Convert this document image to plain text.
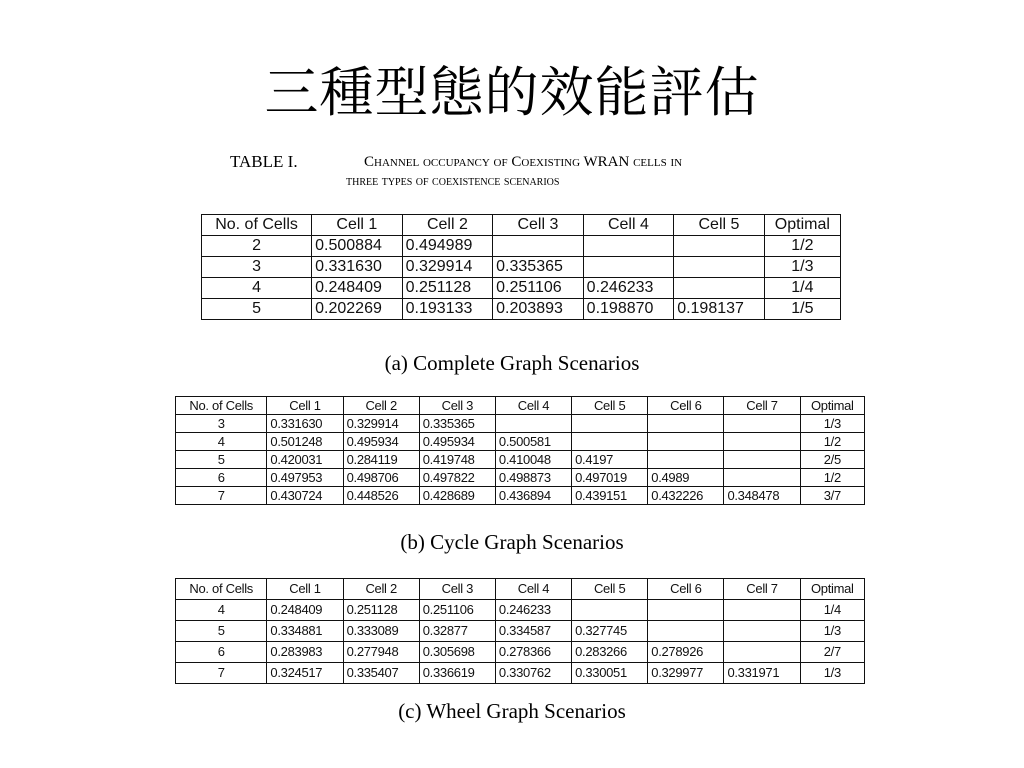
三種型態的效能評估
TABLE I.	Channel occupancy of Coexisting WRAN cells in
three types of coexistence scenarios
No. of Cells	Cell 1	Cell 2	Cell 3	Cell 4	Cell 5	Optimal
2	0.500884	0.494989				1/2
3	0.331630	0.329914	0.335365			1/3
4	0.248409	0.251128	0.251106	0.246233		1/4
5	0.202269	0.193133	0.203893	0.198870	0.198137	1/5
(a) Complete Graph Scenarios
No. of Cells	Cell 1	Cell 2	Cell 3	Cell 4	Cell 5	Cell 6	Cell 7	Optimal
3	0.331630	0.329914	0.335365					1/3
4	0.501248	0.495934	0.495934	0.500581				1/2
5	0.420031	0.284119	0.419748	0.410048	0.4197			2/5
6	0.497953	0.498706	0.497822	0.498873	0.497019	0.4989		1/2
7	0.430724	0.448526	0.428689	0.436894	0.439151	0.432226	0.348478	3/7
(b) Cycle Graph Scenarios
No. of Cells	Cell 1	Cell 2	Cell 3	Cell 4	Cell 5	Cell 6	Cell 7	Optimal
4	0.248409	0.251128	0.251106	0.246233				1/4
5	0.334881	0.333089	0.32877	0.334587	0.327745			1/3
6	0.283983	0.277948	0.305698	0.278366	0.283266	0.278926		2/7
7	0.324517	0.335407	0.336619	0.330762	0.330051	0.329977	0.331971	1/3
(c) Wheel Graph Scenarios
